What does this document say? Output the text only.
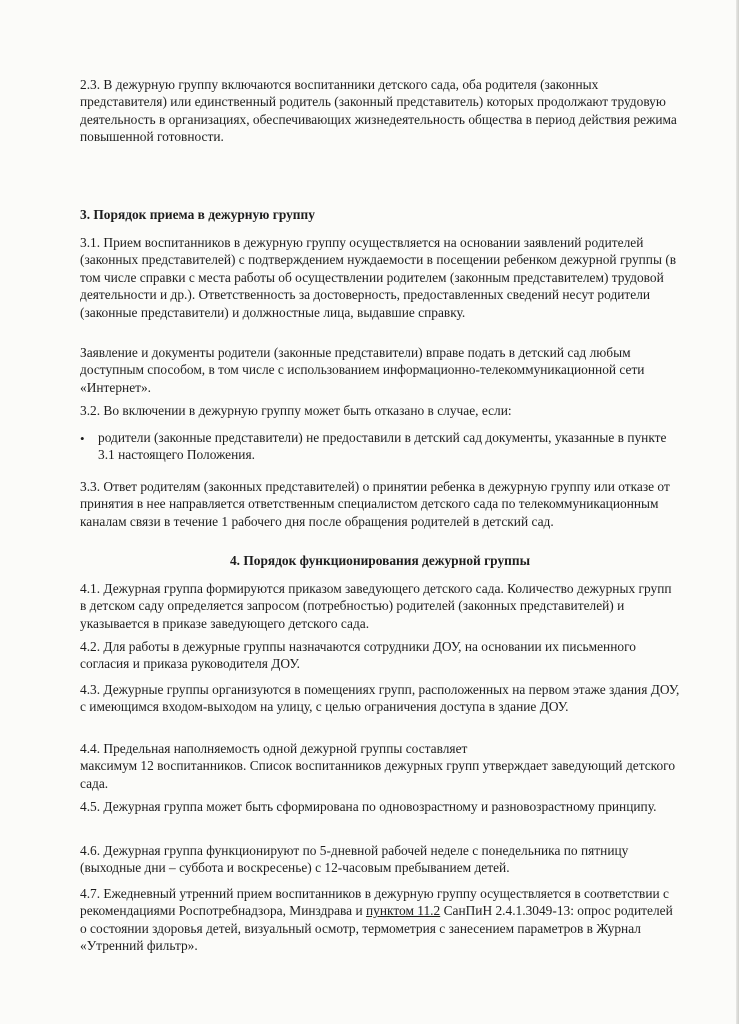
2.3. В дежурную группу включаются воспитанники детского сада, оба родителя (законных представителя) или единственный родитель (законный представитель) которых продолжают трудовую деятельность в организациях, обеспечивающих жизнедеятельность общества в период действия режима повышенной готовности.

3. Порядок приема в дежурную группу

3.1. Прием воспитанников в дежурную группу осуществляется на основании заявлений родителей (законных представителей) с подтверждением нуждаемости в посещении ребенком дежурной группы (в том числе справки с места работы об осуществлении родителем (законным представителем) трудовой деятельности и др.). Ответственность за достоверность, предоставленных сведений несут родители (законные представители) и должностные лица, выдавшие справку.

Заявление и документы родители (законные представители) вправе подать в детский сад любым доступным способом, в том числе с использованием информационно-телекоммуникационной сети «Интернет».

3.2. Во включении в дежурную группу может быть отказано в случае, если:

• родители (законные представители) не предоставили в детский сад документы, указанные в пункте 3.1 настоящего Положения.

3.3. Ответ родителям (законных представителей) о принятии ребенка в дежурную группу или отказе от принятия в нее направляется ответственным специалистом детского сада по телекоммуникационным каналам связи в течение 1 рабочего дня после обращения родителей в детский сад.

4. Порядок функционирования дежурной группы

4.1. Дежурная группа формируются приказом заведующего детского сада. Количество дежурных групп в детском саду определяется запросом (потребностью) родителей (законных представителей) и указывается в приказе заведующего детского сада.

4.2. Для работы в дежурные группы назначаются сотрудники ДОУ, на основании их письменного согласия и приказа руководителя ДОУ.

4.3. Дежурные группы организуются в помещениях групп, расположенных на первом этаже здания ДОУ, с имеющимся входом-выходом на улицу, с целью ограничения доступа в здание ДОУ.

4.4. Предельная наполняемость одной дежурной группы составляет
максимум 12 воспитанников. Список воспитанников дежурных групп утверждает заведующий детского сада.

4.5. Дежурная группа может быть сформирована по одновозрастному и разновозрастному принципу.

4.6. Дежурная группа функционируют по 5-дневной рабочей неделе с понедельника по пятницу (выходные дни – суббота и воскресенье) с 12-часовым пребыванием детей.

4.7. Ежедневный утренний прием воспитанников в дежурную группу осуществляется в соответствии с рекомендациями Роспотребнадзора, Минздрава и пунктом 11.2 СанПиН 2.4.1.3049-13: опрос родителей о состоянии здоровья детей, визуальный осмотр, термометрия с занесением параметров в Журнал «Утренний фильтр».
